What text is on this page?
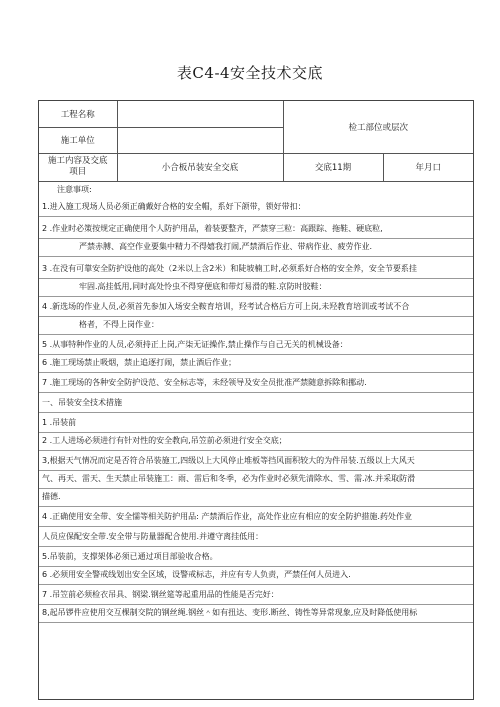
表C4-4安全技术交底
工程名称		检工部位或层次	
施工单位			
施工内容及交底
项目	小合板吊装安全交底	交底11期	年月口
注意事项:
1.进入施工现场人员必须正确戴好合格的安全帽，系好下颌带，锁好带扣：
2 .作业时必策按规定正确使用个人防护用品，着装要整齐，严禁穿三粒：高跟踪、拖鞋、硬底粒,
严禁赤膊、高空作业要集中精力不得嬉我打闹,严禁酒后作业、带病作业、疲劳作业.
3 .在没有可靠安全防护设他的高处（2米以上含2米）和陡坡楠工时,必须系好合格的安全养，安全节要系挂
牢固.高挂低用,同时高处怜虫不得穿便底和带灯易滑的鞋.京防时胶鞋：
4 .新选场的作业人员,必须首先参加入场安全鞍育培训，羟考试合格后方可上岗,未羟教育培训或考试不合
格者，不得上岗作业：
5 .从事特种作业的人员,必须持正上岗,产柒无证操作,禁止操作与自己无关的机械设备：
6 .施工现场禁止吸烟，禁止追逐打闹，禁止酒后作业；
7 .施工现场的各种安全防护设范、安全标志等，未经领导及安全员批准严禁随意拆除和挪动.
一、吊装安全技术措施
1 .吊装前
2 .工人进场必须进行有针对性的安全教向,吊笠前必须进行安全交底；
3,根据天气情况而定是否符合吊装施工,四级以上大风停止堆板等挡风面积较大的为件吊装.五级以上大风天
气、再天、雷天、生天禁止吊装施工：雨、雷后和冬季，必为作业时必须先清除水、雪、需.冰.并采取防滑
描德.
4 .正确使用安全带、安全懦等相关防护用品: 产禁酒后作业，高处作业应有相应的安全防护措施.药处作业
人员应保配安全带.安全带与防量器配合使用.并遵守离挂低用：
5.吊装前，支撑架体必须已通过项目部验收合格。
6 .必须用安全警戒线划出安全区域，设警戒标志，并应有专人负责，严禁任何人员进入.
7 .吊笠前必须检衣吊具、钢梁.钢丝筵等起重用品的性能是否完好：
8,起吊锣件应使用交互棵制交院的钢丝绳.钢丝＾如有扭达、变形.断丝、铸性等异常现象,应及时降低使用标
